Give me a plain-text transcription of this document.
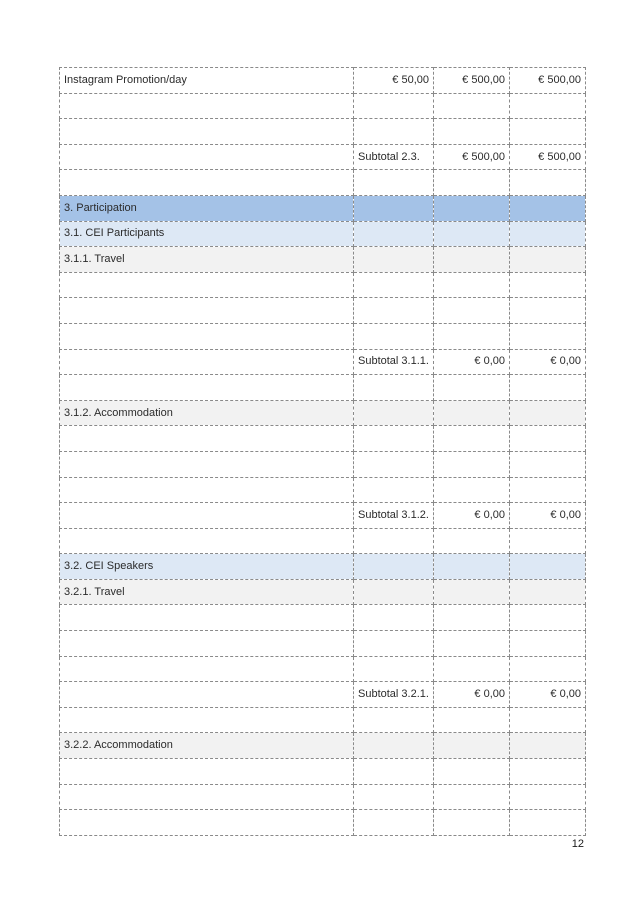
Instagram Promotion/day	€ 50,00	€ 500,00	€ 500,00

	Subtotal 2.3.	€ 500,00	€ 500,00

3. Participation			
3.1. CEI Participants			
3.1.1. Travel			

	Subtotal 3.1.1.	€ 0,00	€ 0,00

3.1.2. Accommodation			

	Subtotal 3.1.2.	€ 0,00	€ 0,00

3.2. CEI Speakers			
3.2.1. Travel			

	Subtotal 3.2.1.	€ 0,00	€ 0,00

3.2.2. Accommodation			

12
